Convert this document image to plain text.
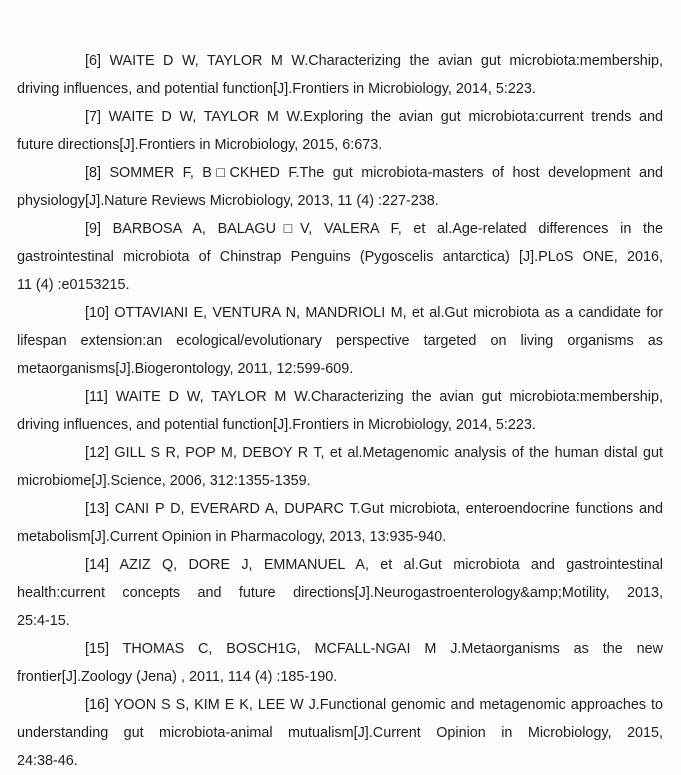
[6] WAITE D W, TAYLOR M W.Characterizing the avian gut microbiota:membership,
driving influences, and potential function[J].Frontiers in Microbiology, 2014, 5:223.
[7] WAITE D W, TAYLOR M W.Exploring the avian gut microbiota:current trends and
future directions[J].Frontiers in Microbiology, 2015, 6:673.
[8] SOMMER F, B□CKHED F.The gut microbiota-masters of host development and
physiology[J].Nature Reviews Microbiology, 2013, 11 (4) :227-238.
[9] BARBOSA A, BALAGU□V, VALERA F, et al.Age-related differences in the
gastrointestinal microbiota of Chinstrap Penguins (Pygoscelis antarctica) [J].PLoS ONE, 2016,
11 (4) :e0153215.
[10] OTTAVIANI E, VENTURA N, MANDRIOLI M, et al.Gut microbiota as a candidate for
lifespan extension:an ecological/evolutionary perspective targeted on living organisms as
metaorganisms[J].Biogerontology, 2011, 12:599-609.
[11] WAITE D W, TAYLOR M W.Characterizing the avian gut microbiota:membership,
driving influences, and potential function[J].Frontiers in Microbiology, 2014, 5:223.
[12] GILL S R, POP M, DEBOY R T, et al.Metagenomic analysis of the human distal gut
microbiome[J].Science, 2006, 312:1355-1359.
[13] CANI P D, EVERARD A, DUPARC T.Gut microbiota, enteroendocrine functions and
metabolism[J].Current Opinion in Pharmacology, 2013, 13:935-940.
[14] AZIZ Q, DORE J, EMMANUEL A, et al.Gut microbiota and gastrointestinal
health:current concepts and future directions[J].Neurogastroenterology&amp;Motility, 2013,
25:4-15.
[15] THOMAS C, BOSCH1G, MCFALL-NGAI M J.Metaorganisms as the new
frontier[J].Zoology (Jena) , 2011, 114 (4) :185-190.
[16] YOON S S, KIM E K, LEE W J.Functional genomic and metagenomic approaches to
understanding gut microbiota-animal mutualism[J].Current Opinion in Microbiology, 2015,
24:38-46.
